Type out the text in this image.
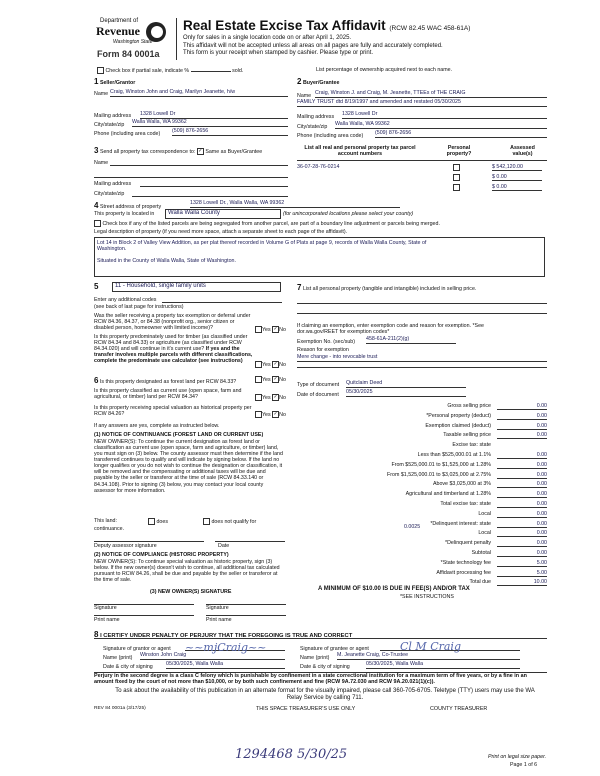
Department of
Revenue
Washington State
Form 84 0001a
Real Estate Excise Tax Affidavit (RCW 82.45 WAC 458-61A)
Only for sales in a single location code on or after April 1, 2025.
This affidavit will not be accepted unless all areas on all pages are fully and accurately completed.
This form is your receipt when stamped by cashier. Please type or print.
Check box if partial sale, indicate %	sold.	List percentage of ownership acquired next to each name.
1 Seller/Grantor
Name Craig, Winston John and Craig, Marilyn Jeanette, h/w
Mailing address 1328 Lowell Dr
City/state/zip Walla Walla, WA 99362
Phone (including area code) (509) 876-2656
2 Buyer/Grantee
Name Craig, Winston J. and Craig, M. Jeanette, TTEEs of THE CRAIG
FAMILY TRUST dtd 8/19/1997 and amended and restated 05/30/2025
Mailing address 1328 Lowell Dr
City/state/zip Walla Walla, WA 99362
Phone (including area code) (509) 876-2656
3 Send all property tax correspondence to: ✓ Same as Buyer/Grantee
Name
Mailing address
City/state/zip
List all real and personal property tax parcel account numbers
Personal property?
Assessed value(s)
36-07-28-76-0214	$ 542,120.00
$ 0.00
$ 0.00
4 Street address of property
1328 Lowell Dr., Walla Walla, WA 99362
This property is located in	Walla Walla County	(for unincorporated locations please select your county)
Check box if any of the listed parcels are being segregated from another parcel, are part of a boundary line adjustment or parcels being merged.
Legal description of property (if you need more space, attach a separate sheet to each page of the affidavit).
Lot 14 in Block 2 of Valley View Addition, as per plat thereof recorded in Volume G of Plats at page 9, records of Walla Walla County, State of
Washington.
Situated in the County of Walla Walla, State of Washington.
5	11 - Household, single family units
Enter any additional codes
(see back of last page for instructions)
Was the seller receiving a property tax exemption or deferral under RCW 84.36, 84.37, or 84.38 (nonprofit org., senior citizen or disabled person, homeowner with limited income)?	Yes ✓ No
Is this property predominately used for timber (as classified under RCW 84.34 and 84.33) or agriculture (as classified under RCW 84.34.020) and will continue in it's current use? If yes and the transfer involves multiple parcels with different classifications, complete the predominate use calculator (see instructions)
Yes ✓ No
6 Is this property designated as forest land per RCW 84.33?	Yes ✓ No
Is this property classified as current use (open space, farm and agricultural, or timber) land per RCW 84.34?	Yes ✓ No
Is this property receiving special valuation as historical property per RCW 84.26?	Yes ✓ No
If any answers are yes, complete as instructed below.
(1) NOTICE OF CONTINUANCE (FOREST LAND OR CURRENT USE)
NEW OWNER(S): To continue the current designation as forest land or classification as current use (open space, farm and agriculture, or timber) land, you must sign on (3) below. The county assessor must then determine if the land transferred continues to qualify and will indicate by signing below. If the land no longer qualifies or you do not wish to continue the designation or classification, it will be removed and the compensating or additional taxes will be due and payable by the seller or transferor at the time of sale (RCW 84.33.140 or 84.34.108). Prior to signing (3) below, you may contact your local county assessor for more information.
This land:	does	does not qualify for
continuance.
Deputy assessor signature	Date
(2) NOTICE OF COMPLIANCE (HISTORIC PROPERTY)
NEW OWNER(S): To continue special valuation as historic property, sign (3) below. If the new owner(s) doesn't wish to continue, all additional tax calculated pursuant to RCW 84.26, shall be due and payable by the seller or transferor at the time of sale.
(3) NEW OWNER(S) SIGNATURE
Signature	Signature
Print name	Print name
7 List all personal property (tangible and intangible) included in selling price.
If claiming an exemption, enter exemption code and reason for exemption. *See dor.wa.gov/REET for exemption codes*
Exemption No. (sec/sub) 458-61A-211(2)(g)
Reason for exemption
Mere change - into revocable trust
Type of document Quitclaim Deed
Date of document 05/30/2025
Gross selling price	0.00
*Personal property (deduct)	0.00
Exemption claimed (deduct)	0.00
Taxable selling price	0.00
Excise tax: state
Less than $525,000.01 at 1.1%	0.00
From $525,000.01 to $1,525,000 at 1.28%	0.00
From $1,525,000.01 to $3,025,000 at 2.75%	0.00
Above $3,025,000 at 3%	0.00
Agricultural and timberland at 1.28%	0.00
Total excise tax: state	0.00
Local	0.00
*Delinquent interest: state	0.00
Local	0.00
*Delinquent penalty	0.00
Subtotal	0.00
*State technology fee	5.00
Affidavit processing fee	5.00
Total due	10.00
0.0025
A MINIMUM OF $10.00 IS DUE IN FEE(S) AND/OR TAX
*SEE INSTRUCTIONS
8 I CERTIFY UNDER PENALTY OF PERJURY THAT THE FOREGOING IS TRUE AND CORRECT
Signature of grantor or agent ~~mjCraig~~
Name (print) Winston John Craig
Date & city of signing 05/30/2025, Walla Walla
Signature of grantee or agent	Cl M Craig
Name (print) M. Jeanette Craig, Co-Trustee
Date & city of signing	05/30/2025, Walla Walla
Perjury in the second degree is a class C felony which is punishable by confinement in a state correctional institution for a maximum term of five years, or by a fine in an amount fixed by the court of not more than $10,000, or by both such confinement and fine (RCW 9A.72.030 and RCW 9A.20.021(1)(c)).
To ask about the availability of this publication in an alternate format for the visually impaired, please call 360-705-6705. Teletype (TTY) users may use the WA Relay Service by calling 711.
REV 84 0001a (3/17/25)	THIS SPACE TREASURER'S USE ONLY	COUNTY TREASURER
1294468 5/30/25	Print on legal size paper.
Page 1 of 6
